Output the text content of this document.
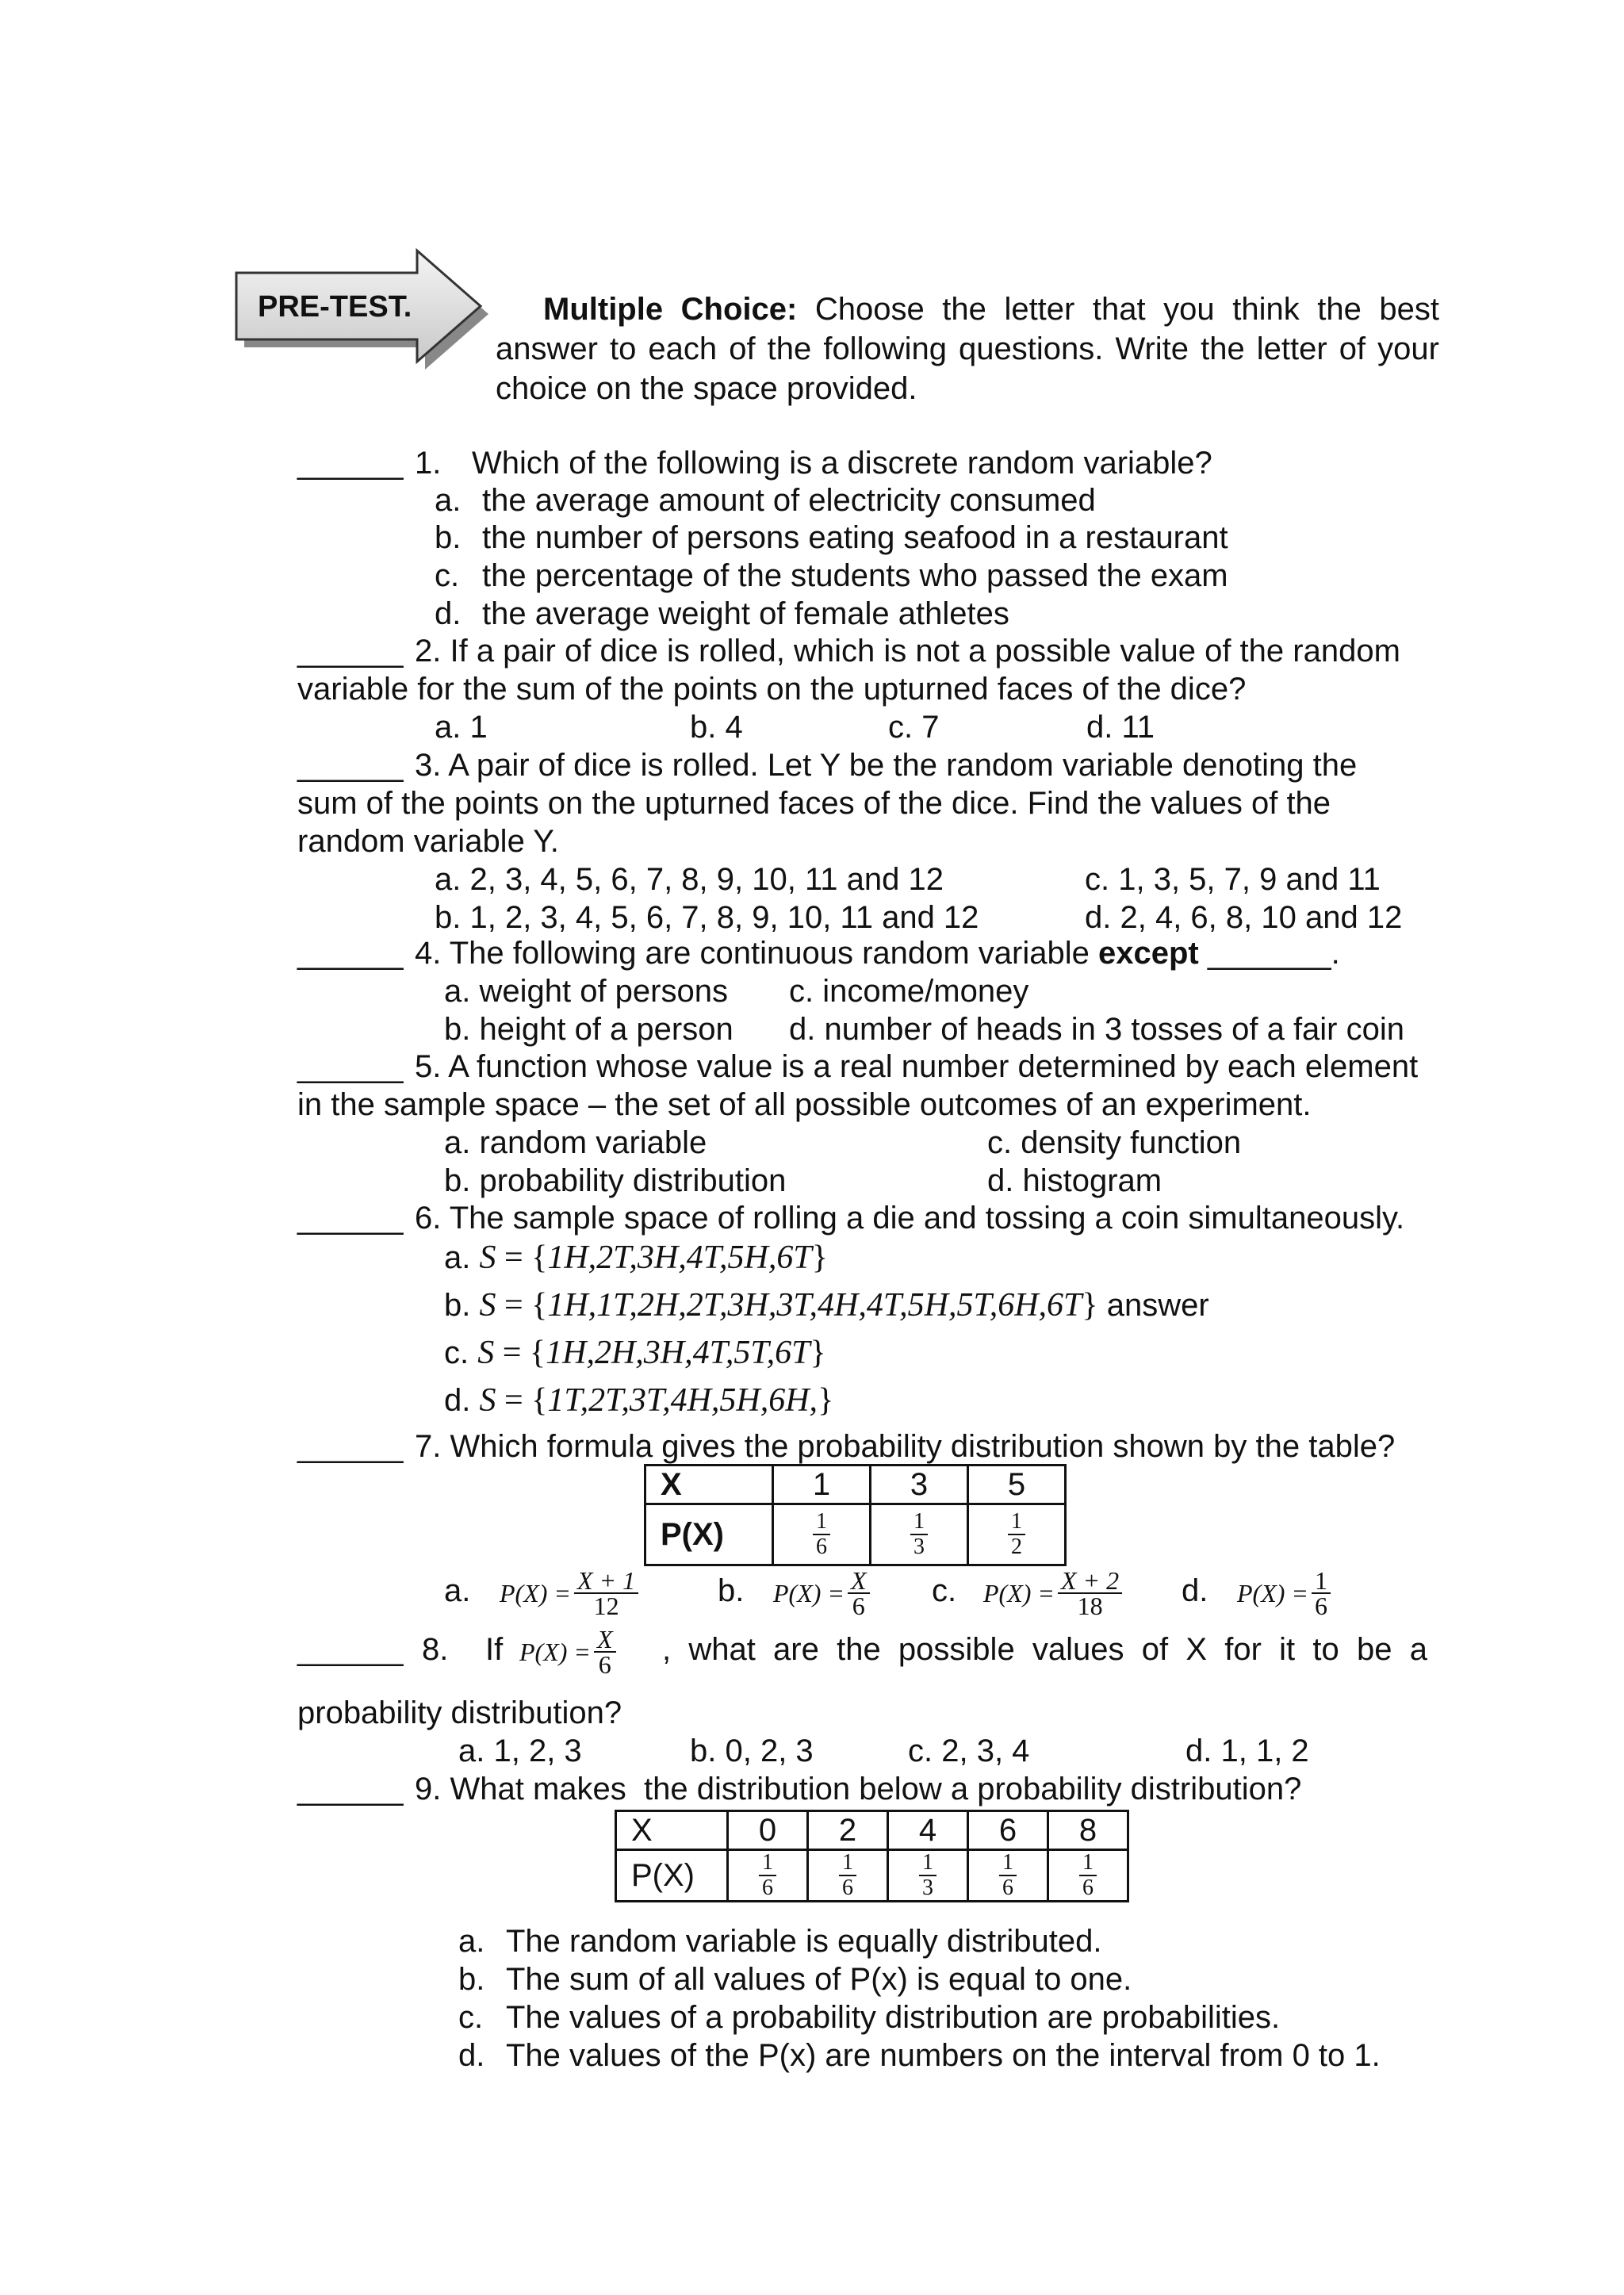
PRE-TEST.	Multiple Choice: Choose the letter that you think the best
answer to each of the following questions. Write the letter of your
choice on the space provided.
______ 1. Which of the following is a discrete random variable?
a. the average amount of electricity consumed
b. the number of persons eating seafood in a restaurant
c. the percentage of the students who passed the exam
d. the average weight of female athletes
______ 2. If a pair of dice is rolled, which is not a possible value of the random
variable for the sum of the points on the upturned faces of the dice?
a. 1	b. 4	c. 7	d. 11
______ 3. A pair of dice is rolled. Let Y be the random variable denoting the
sum of the points on the upturned faces of the dice. Find the values of the
random variable Y.
a. 2, 3, 4, 5, 6, 7, 8, 9, 10, 11 and 12	c. 1, 3, 5, 7, 9 and 11
b. 1, 2, 3, 4, 5, 6, 7, 8, 9, 10, 11 and 12	d. 2, 4, 6, 8, 10 and 12
______ 4. The following are continuous random variable except _______.
a. weight of persons c. income/money
b. height of a person d. number of heads in 3 tosses of a fair coin
______ 5. A function whose value is a real number determined by each element
in the sample space – the set of all possible outcomes of an experiment.
a. random variable	c. density function
b. probability distribution	d. histogram
______ 6. The sample space of rolling a die and tossing a coin simultaneously.
a. S = {1H,2T,3H,4T,5H,6T}
b. S = {1H,1T,2H,2T,3H,3T,4H,4T,5H,5T,6H,6T} answer
c. S = {1H,2H,3H,4T,5T,6T}
d. S = {1T,2T,3T,4H,5H,6H,}
______ 7. Which formula gives the probability distribution shown by the table?
X	1	3	5
P(X)	$\frac{1}{6}$	$\frac{1}{3}$	$\frac{1}{2}$
a. $P(X) = \frac{X + 1}{12} b$. $P(X) = \frac{X}{6} c$. $P(X) = \frac{X + 2}{18} d$. $P(X) = \frac{1}{6}$
______ 8. If $P(X) = \frac{X}{6}$ ,  what  are  the  possible  values  of  X  for  it  to  be  a
probability distribution?
a. 1, 2, 3	b. 0, 2, 3	c. 2, 3, 4	d. 1, 1, 2
______ 9. What makes  the distribution below a probability distribution?
X	0	2	4	6	8
P(X)	$\frac{1}{6}$	$\frac{1}{6}$	$\frac{1}{3}$	$\frac{1}{6}$	$\frac{1}{6}$
a. The random variable is equally distributed.
b. The sum of all values of P(x) is equal to one.
c. The values of a probability distribution are probabilities.
d. The values of the P(x) are numbers on the interval from 0 to 1.
